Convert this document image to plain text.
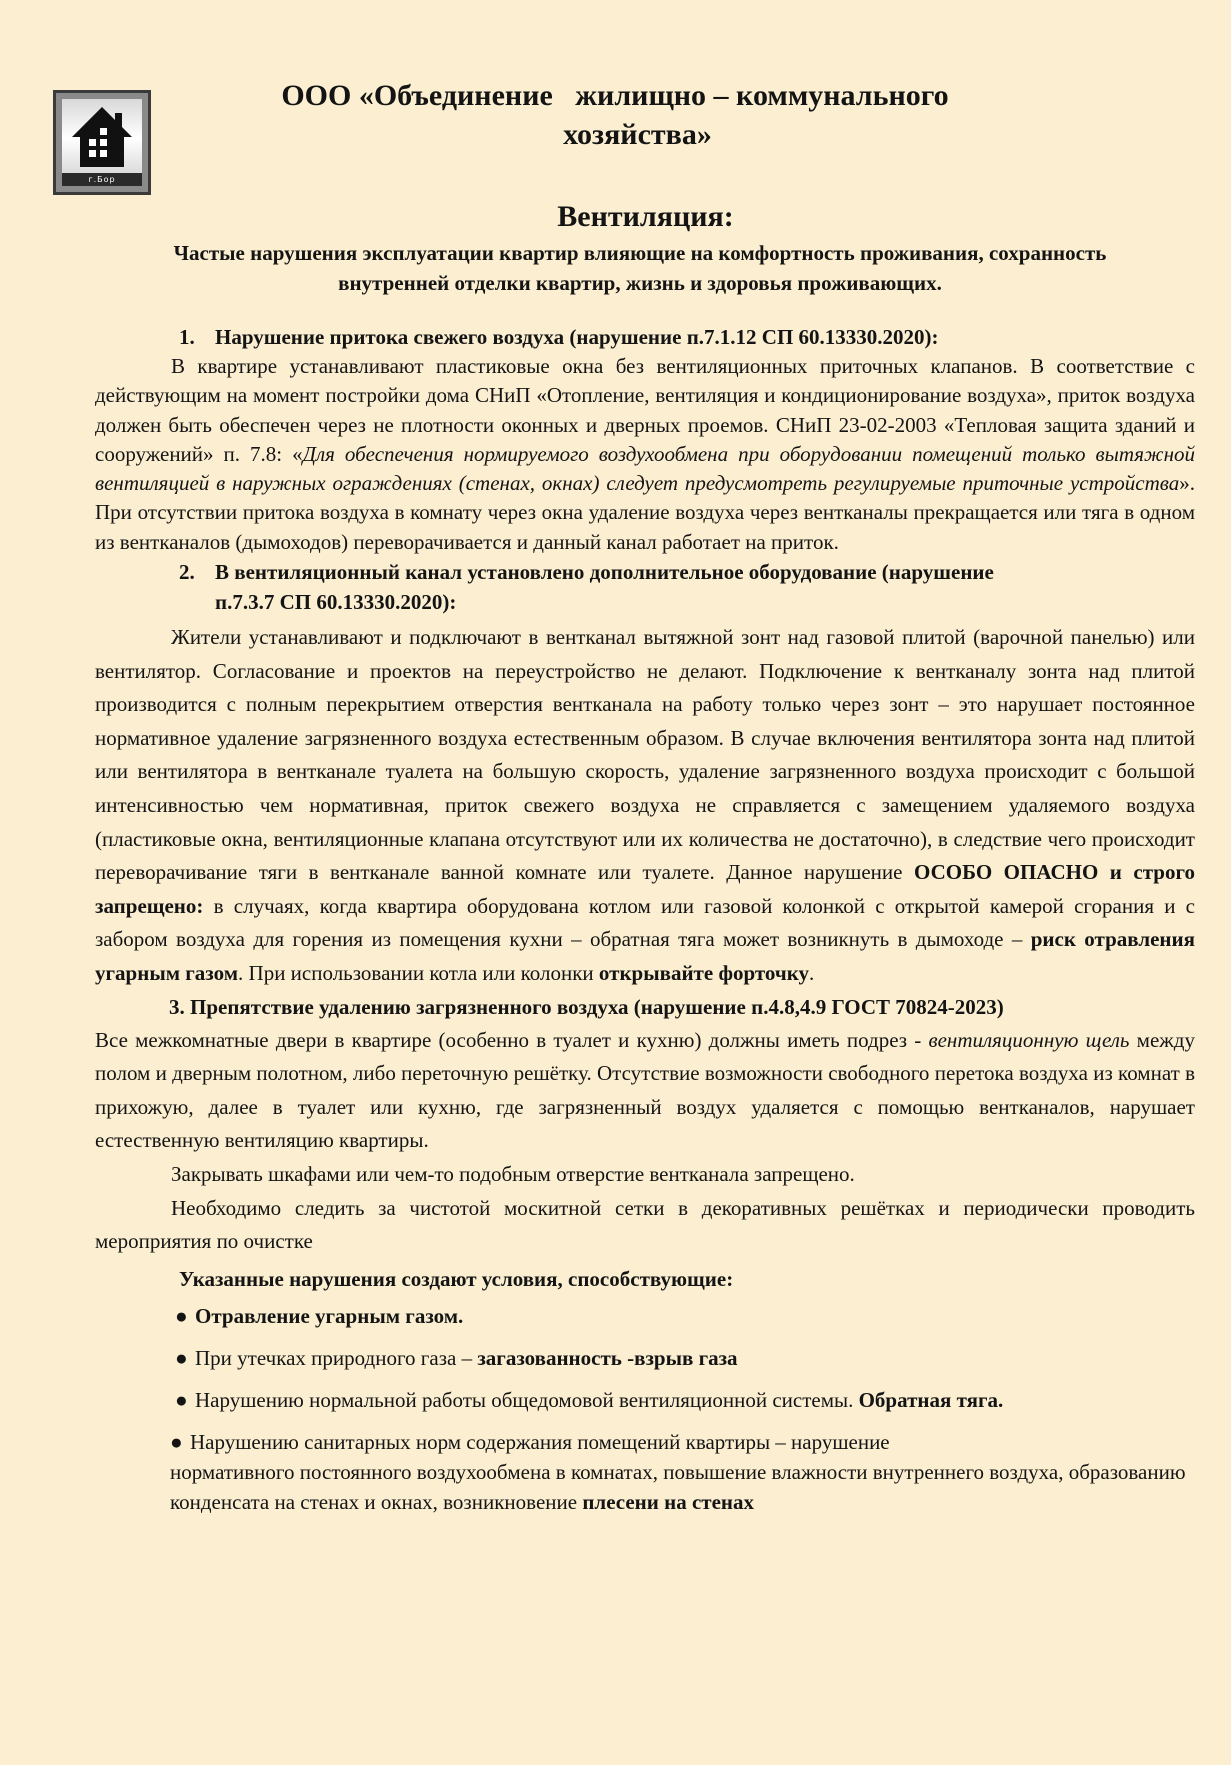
г.Бор
ООО «Объединение   жилищно – коммунального
хозяйства»
Вентиляция:
Частые нарушения эксплуатации квартир влияющие на комфортность проживания, сохранность внутренней отделки квартир, жизнь и здоровья проживающих.

1. Нарушение притока свежего воздуха (нарушение п.7.1.12 СП 60.13330.2020):

В квартире устанавливают пластиковые окна без вентиляционных приточных клапанов. В соответствие с действующим на момент постройки дома СНиП «Отопление, вентиляция и кондиционирование воздуха», приток воздуха должен быть обеспечен через не плотности оконных и дверных проемов. СНиП 23-02-2003 «Тепловая защита зданий и сооружений» п. 7.8: «Для обеспечения нормируемого воздухообмена при оборудовании помещений только вытяжной вентиляцией в наружных ограждениях (стенах, окнах) следует предусмотреть регулируемые приточные устройства». При отсутствии притока воздуха в комнату через окна удаление воздуха через вентканалы прекращается или тяга в одном из вентканалов (дымоходов) переворачивается и данный канал работает на приток.

2. В вентиляционный канал установлено дополнительное оборудование (нарушение
п.7.3.7 СП 60.13330.2020):

Жители устанавливают и подключают в вентканал вытяжной зонт над газовой плитой (варочной панелью) или вентилятор. Согласование и проектов на переустройство не делают. Подключение к вентканалу зонта над плитой производится с полным перекрытием отверстия вентканала на работу только через зонт – это нарушает постоянное нормативное удаление загрязненного воздуха естественным образом. В случае включения вентилятора зонта над плитой или вентилятора в вентканале туалета на большую скорость, удаление загрязненного воздуха происходит с большой интенсивностью чем нормативная, приток свежего воздуха не справляется с замещением удаляемого воздуха (пластиковые окна, вентиляционные клапана отсутствуют или их количества не достаточно), в следствие чего происходит переворачивание тяги в вентканале ванной комнате или туалете. Данное нарушение ОСОБО ОПАСНО и строго запрещено: в случаях, когда квартира оборудована котлом или газовой колонкой с открытой камерой сгорания и с забором воздуха для горения из помещения кухни – обратная тяга может возникнуть в дымоходе – риск отравления угарным газом. При использовании котла или колонки открывайте форточку.

3. Препятствие удалению загрязненного воздуха (нарушение п.4.8,4.9 ГОСТ 70824-2023)

Все межкомнатные двери в квартире (особенно в туалет и кухню) должны иметь подрез - вентиляционную щель между полом и дверным полотном, либо переточную решётку. Отсутствие возможности свободного перетока воздуха из комнат в прихожую, далее в туалет или кухню, где загрязненный воздух удаляется с помощью вентканалов, нарушает естественную вентиляцию квартиры.

Закрывать шкафами или чем-то подобным отверстие вентканала запрещено.

Необходимо следить за чистотой москитной сетки в декоративных решётках и периодически проводить мероприятия по очистке

Указанные нарушения создают условия, способствующие:

● Отравление угарным газом.

● При утечках природного газа – загазованность -взрыв газа

● Нарушению нормальной работы общедомовой вентиляционной системы. Обратная тяга.

● Нарушению санитарных норм содержания помещений квартиры – нарушение
нормативного постоянного воздухообмена в комнатах, повышение влажности внутреннего воздуха, образованию конденсата на стенах и окнах, возникновение плесени на стенах
